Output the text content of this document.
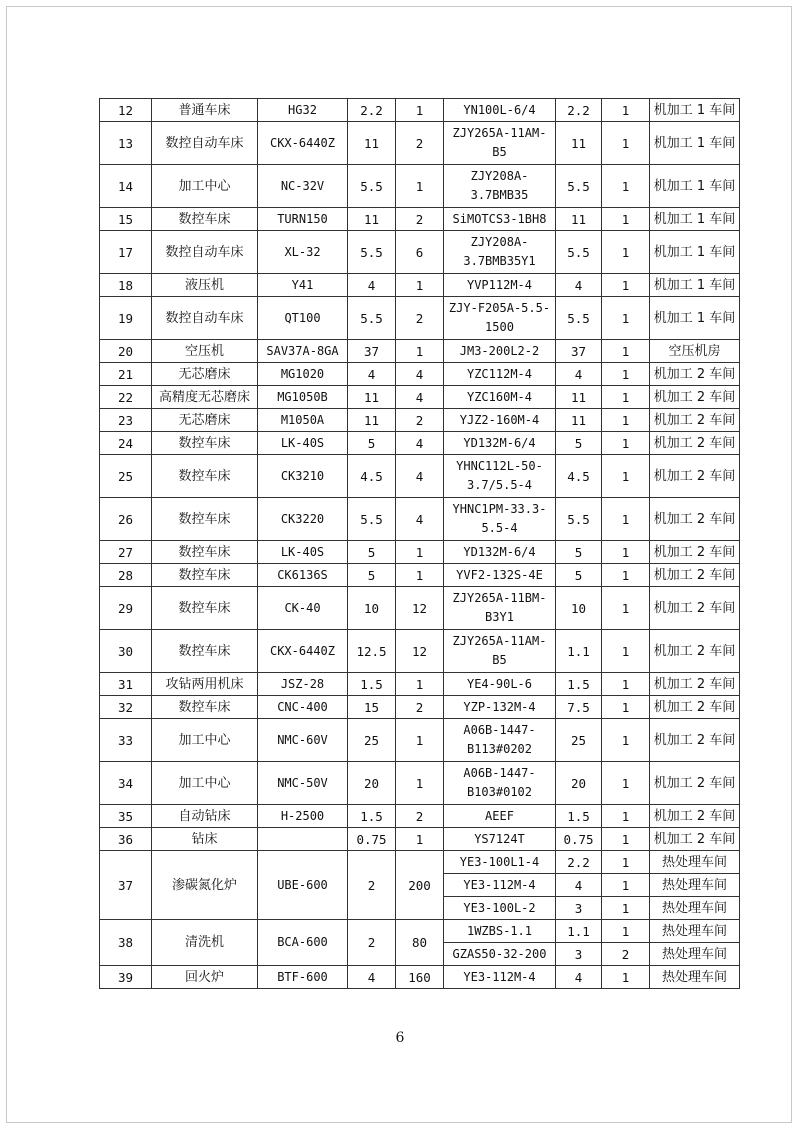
12	普通车床	HG32	2.2	1	YN100L-6/4	2.2	1	机加工 1 车间
13	数控自动车床	CKX-6440Z	11	2	ZJY265A-11AM-B5	11	1	机加工 1 车间
14	加工中心	NC-32V	5.5	1	ZJY208A-3.7BMB35	5.5	1	机加工 1 车间
15	数控车床	TURN150	11	2	SiMOTCS3-1BH8	11	1	机加工 1 车间
17	数控自动车床	XL-32	5.5	6	ZJY208A-3.7BMB35Y1	5.5	1	机加工 1 车间
18	液压机	Y41	4	1	YVP112M-4	4	1	机加工 1 车间
19	数控自动车床	QT100	5.5	2	ZJY-F205A-5.5-1500	5.5	1	机加工 1 车间
20	空压机	SAV37A-8GA	37	1	JM3-200L2-2	37	1	空压机房
21	无芯磨床	MG1020	4	4	YZC112M-4	4	1	机加工 2 车间
22	高精度无芯磨床	MG1050B	11	4	YZC160M-4	11	1	机加工 2 车间
23	无芯磨床	M1050A	11	2	YJZ2-160M-4	11	1	机加工 2 车间
24	数控车床	LK-40S	5	4	YD132M-6/4	5	1	机加工 2 车间
25	数控车床	CK3210	4.5	4	YHNC112L-50-3.7/5.5-4	4.5	1	机加工 2 车间
26	数控车床	CK3220	5.5	4	YHNC1PM-33.3-5.5-4	5.5	1	机加工 2 车间
27	数控车床	LK-40S	5	1	YD132M-6/4	5	1	机加工 2 车间
28	数控车床	CK6136S	5	1	YVF2-132S-4E	5	1	机加工 2 车间
29	数控车床	CK-40	10	12	ZJY265A-11BM-B3Y1	10	1	机加工 2 车间
30	数控车床	CKX-6440Z	12.5	12	ZJY265A-11AM-B5	1.1	1	机加工 2 车间
31	攻钻两用机床	JSZ-28	1.5	1	YE4-90L-6	1.5	1	机加工 2 车间
32	数控车床	CNC-400	15	2	YZP-132M-4	7.5	1	机加工 2 车间
33	加工中心	NMC-60V	25	1	A06B-1447-B113#0202	25	1	机加工 2 车间
34	加工中心	NMC-50V	20	1	A06B-1447-B103#0102	20	1	机加工 2 车间
35	自动钻床	H-2500	1.5	2	AEEF	1.5	1	机加工 2 车间
36	钻床		0.75	1	YS7124T	0.75	1	机加工 2 车间
37	渗碳氮化炉	UBE-600	2	200	YE3-100L1-4	2.2	1	热处理车间
					YE3-112M-4	4	1	热处理车间
					YE3-100L-2	3	1	热处理车间
38	清洗机	BCA-600	2	80	1WZBS-1.1	1.1	1	热处理车间
					GZAS50-32-200	3	2	热处理车间
39	回火炉	BTF-600	4	160	YE3-112M-4	4	1	热处理车间
6
